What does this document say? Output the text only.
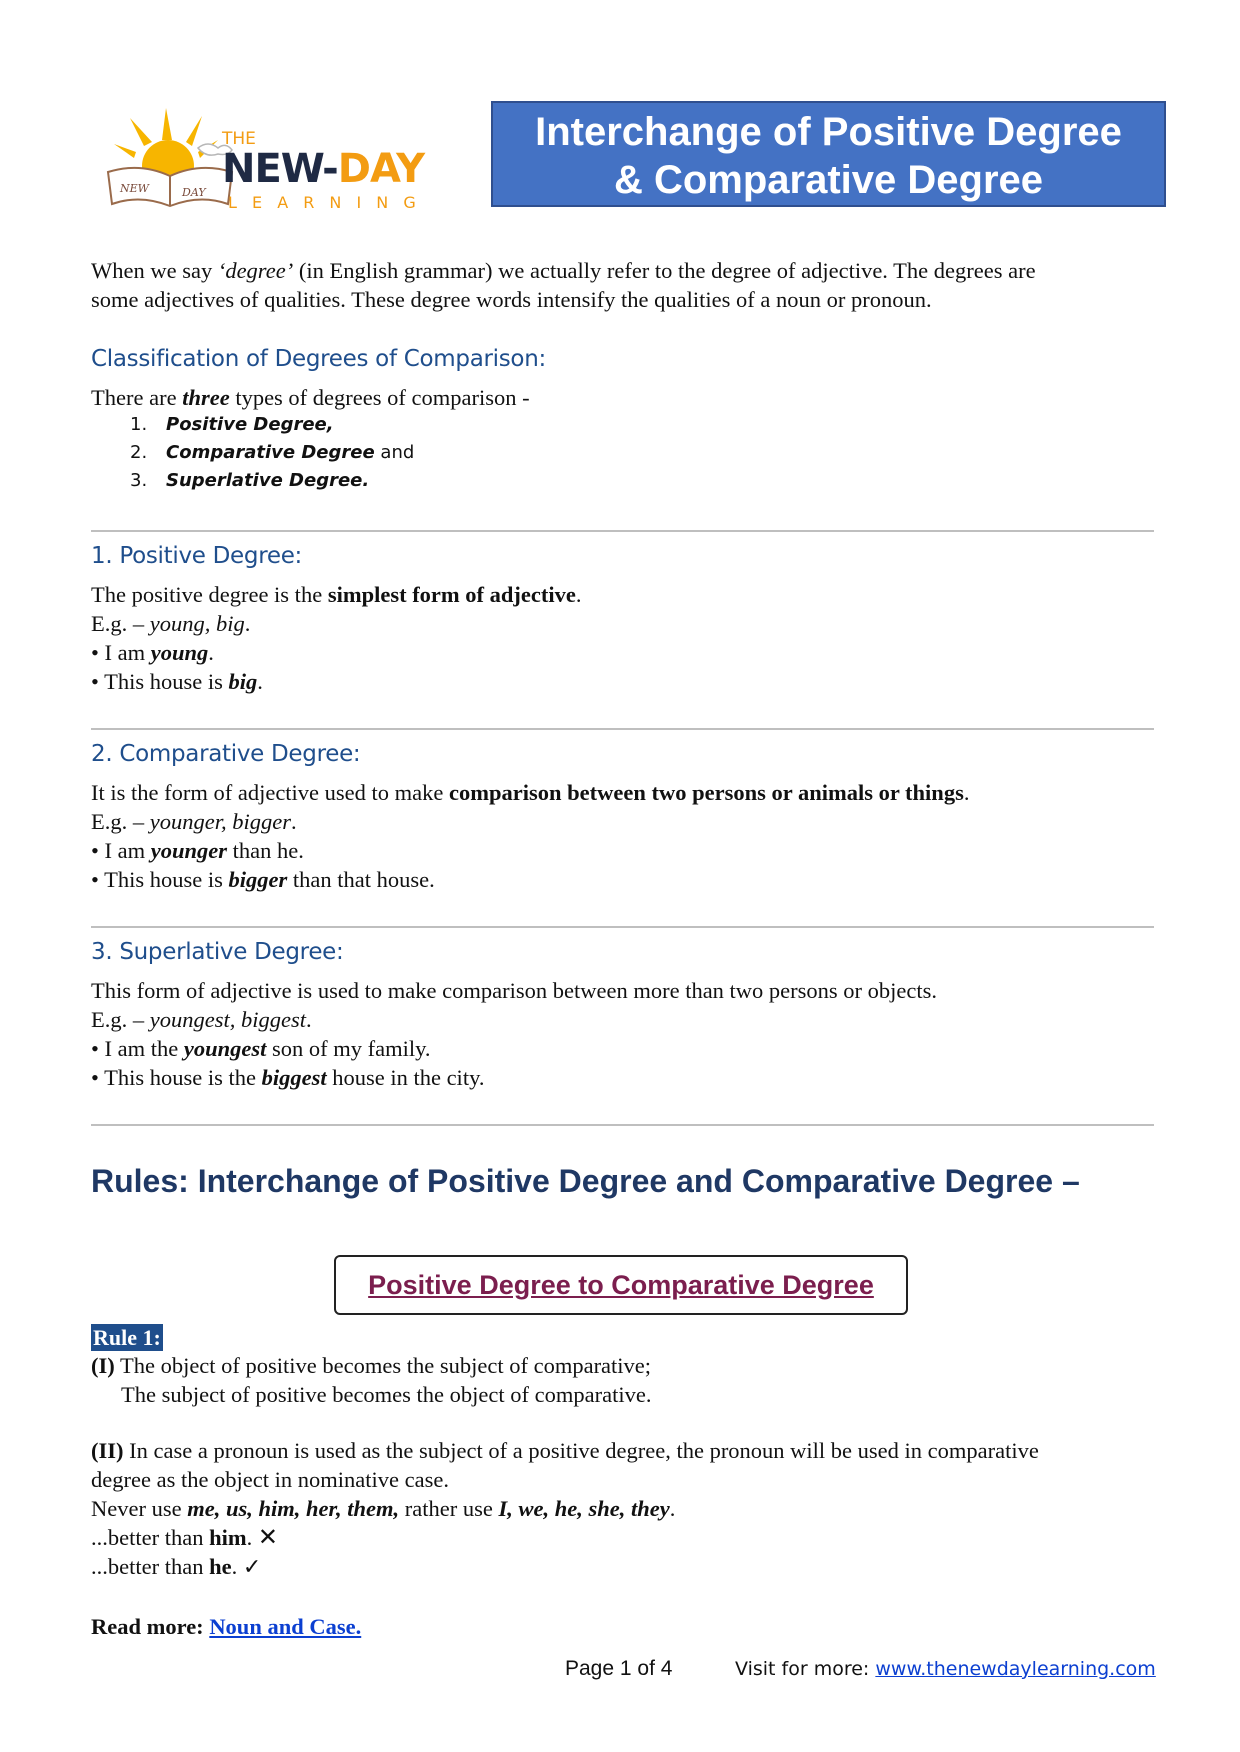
NEW	DAY
THE
NEW-DAY
L E A R N I N G
Interchange of Positive Degree
& Comparative Degree
When we say ‘degree’ (in English grammar) we actually refer to the degree of adjective. The degrees are
some adjectives of qualities. These degree words intensify the qualities of a noun or pronoun.
Classification of Degrees of Comparison:
There are three types of degrees of comparison -
1. Positive Degree,
2. Comparative Degree and
3. Superlative Degree.
1. Positive Degree:
The positive degree is the simplest form of adjective.
E.g. – young, big.
• I am young.
• This house is big.
2. Comparative Degree:
It is the form of adjective used to make comparison between two persons or animals or things.
E.g. – younger, bigger.
• I am younger than he.
• This house is bigger than that house.
3. Superlative Degree:
This form of adjective is used to make comparison between more than two persons or objects.
E.g. – youngest, biggest.
• I am the youngest son of my family.
• This house is the biggest house in the city.
Rules: Interchange of Positive Degree and Comparative Degree –
Positive Degree to Comparative Degree
Rule 1:
(I) The object of positive becomes the subject of comparative;
The subject of positive becomes the object of comparative.
(II) In case a pronoun is used as the subject of a positive degree, the pronoun will be used in comparative
degree as the object in nominative case.
Never use me, us, him, her, them, rather use I, we, he, she, they.
...better than him. ✕
...better than he. ✓
Read more: Noun and Case.
Page 1 of 4	Visit for more: www.thenewdaylearning.com
